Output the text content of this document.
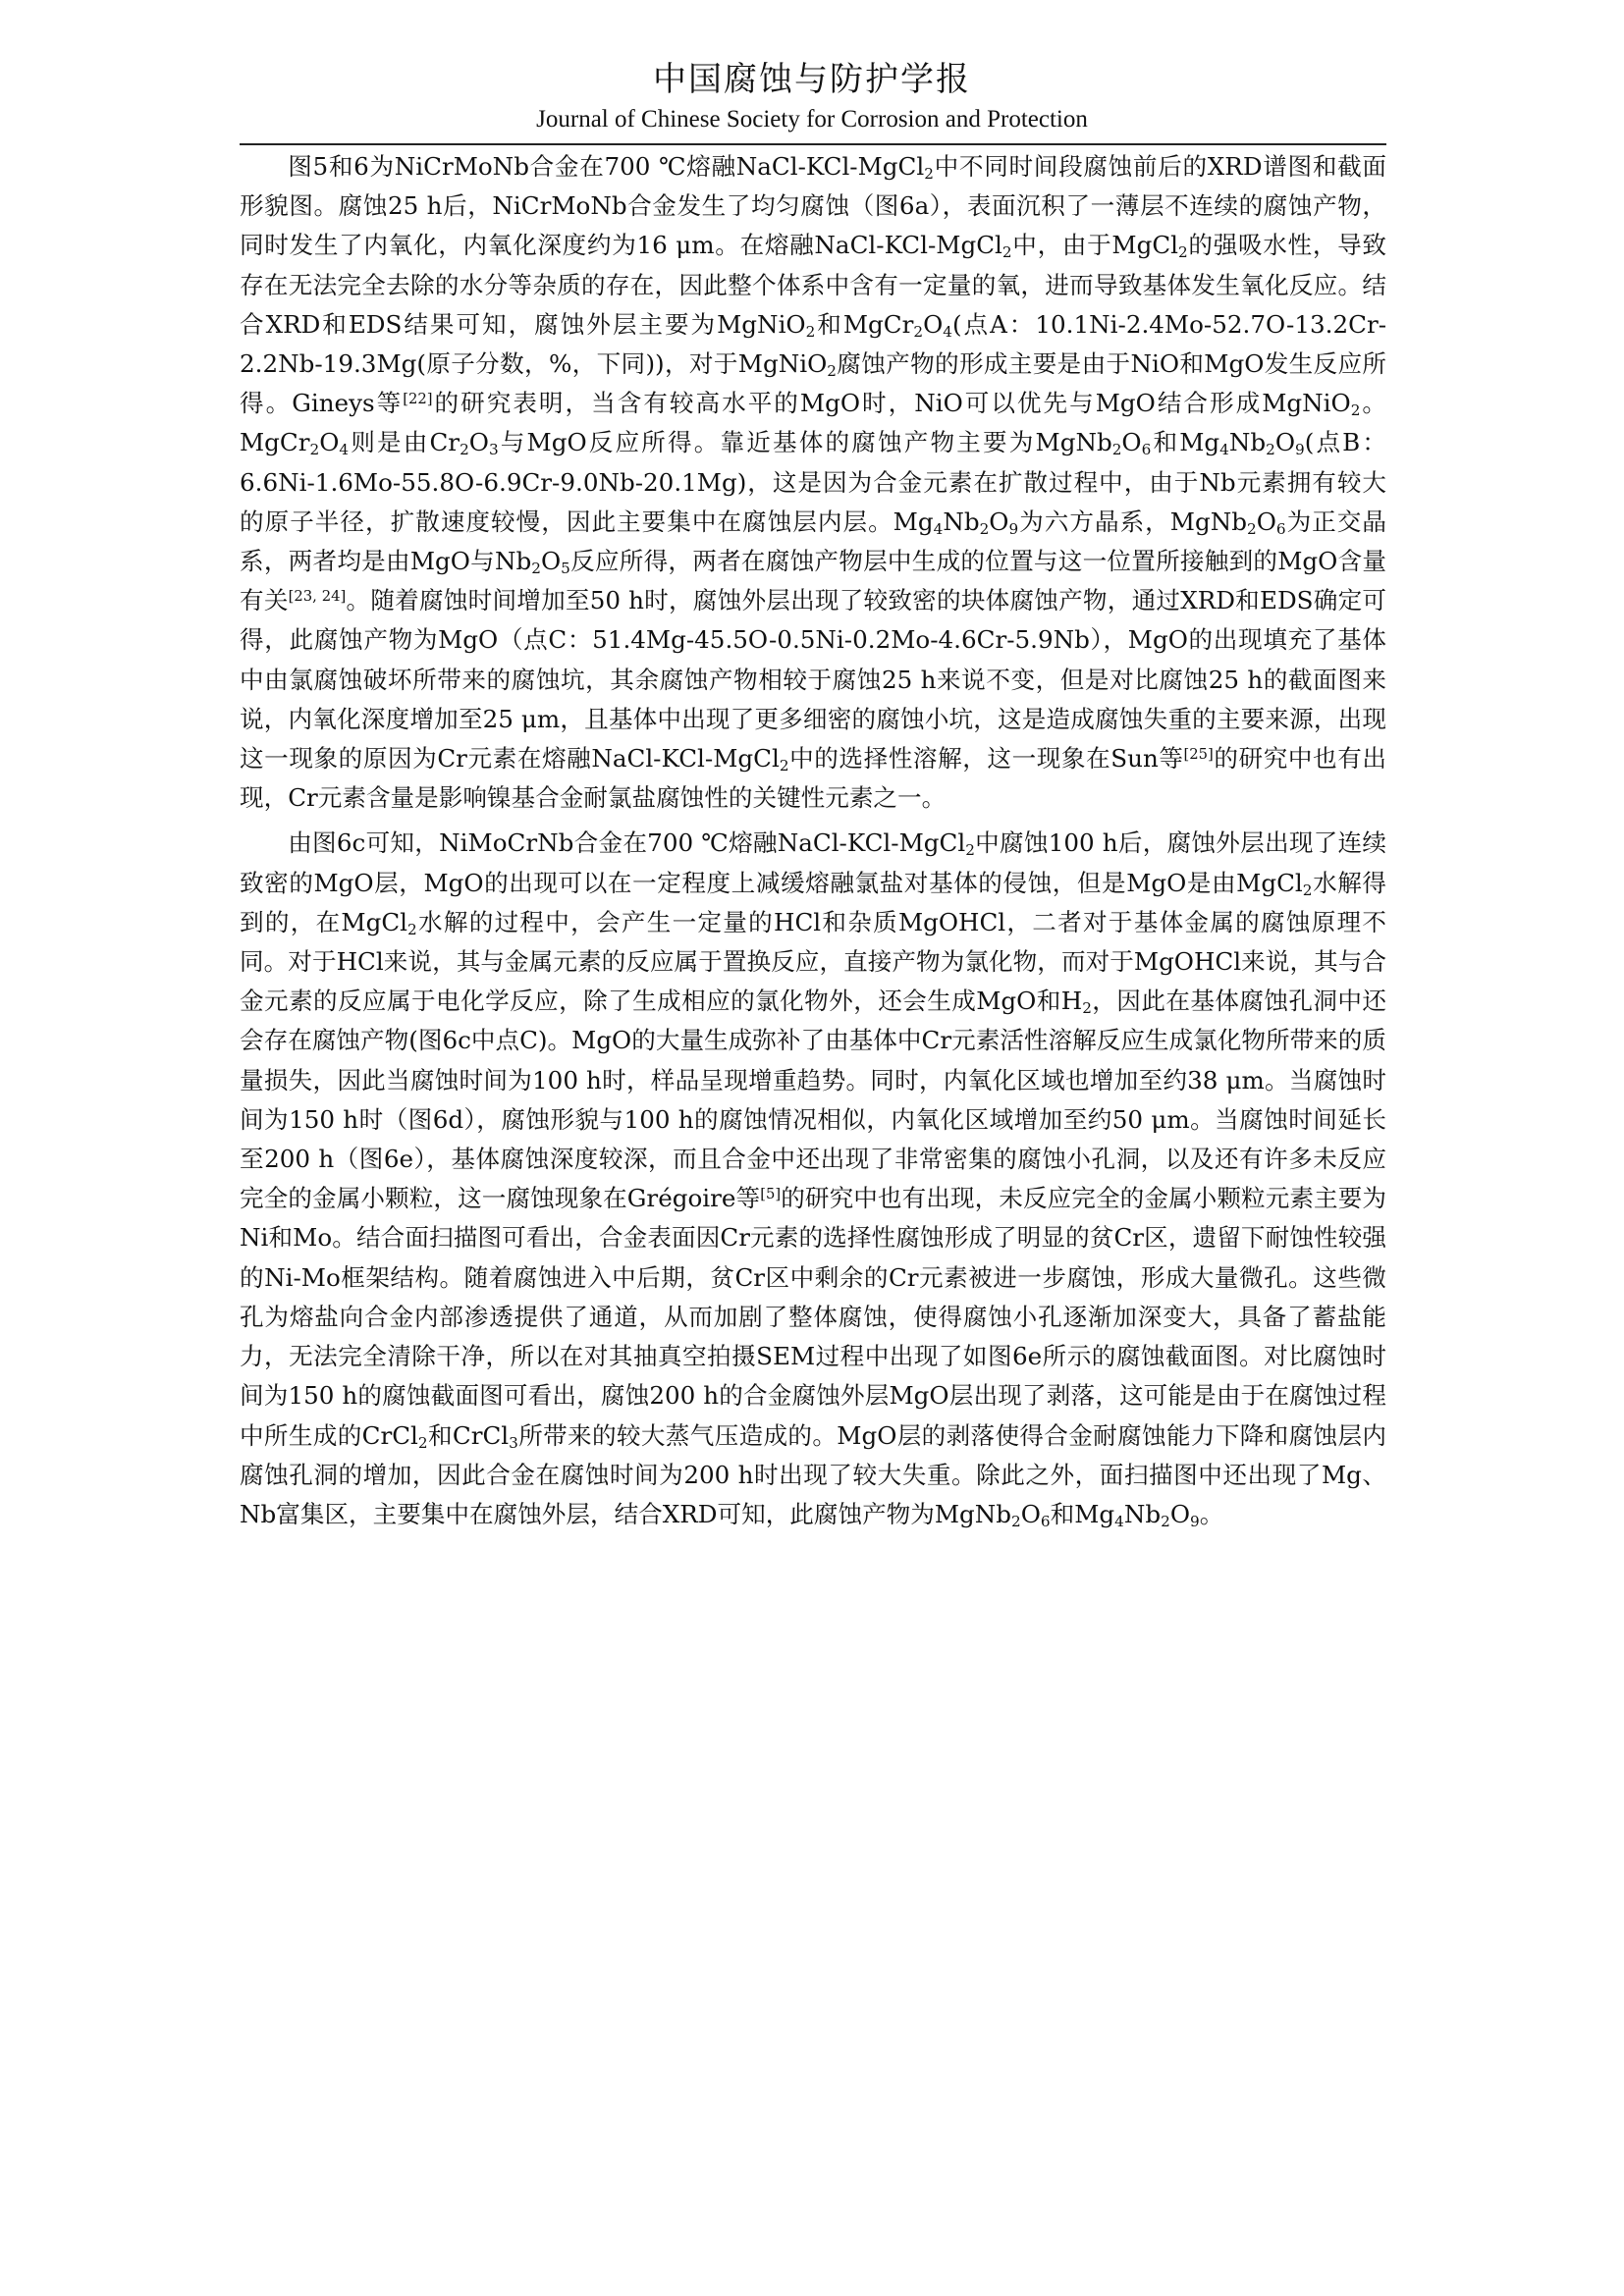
中国腐蚀与防护学报
Journal of Chinese Society for Corrosion and Protection

图5和6为NiCrMoNb合金在700 ℃熔融NaCl-KCl-MgCl$_2$中不同时间段腐蚀前后的XRD谱图和截面形貌图。腐蚀25 h后，NiCrMoNb合金发生了均匀腐蚀（图6a），表面沉积了一薄层不连续的腐蚀产物，同时发生了内氧化，内氧化深度约为16 μm。在熔融NaCl-KCl-MgCl$_2$中，由于MgCl$_2$的强吸水性，导致存在无法完全去除的水分等杂质的存在，因此整个体系中含有一定量的氧，进而导致基体发生氧化反应。结合XRD和EDS结果可知，腐蚀外层主要为MgNiO$_2$和$MgCr_2O_4$(点A：10.1Ni-2.4Mo-52.7O-13.2Cr-2.2Nb-19.3Mg(原子分数，%，下同))，对于MgNiO$_2$腐蚀产物的形成主要是由于NiO和MgO发生反应所得。Gineys等[22]的研究表明，当含有较高水平的MgO时，NiO可以优先与MgO结合形成MgNiO$_2$。$MgCr_2O_4$则是由$Cr_2O_3$与MgO反应所得。靠近基体的腐蚀产物主要为$MgNb_2O_6$和$Mg_4Nb_2O_9$(点B：6.6Ni-1.6Mo-55.8O-6.9Cr-9.0Nb-20.1Mg)，这是因为合金元素在扩散过程中，由于Nb元素拥有较大的原子半径，扩散速度较慢，因此主要集中在腐蚀层内层。$Mg_4Nb_2O_9$为六方晶系，$MgNb_2O_6$为正交晶系，两者均是由MgO与$Nb_2O_5$反应所得，两者在腐蚀产物层中生成的位置与这一位置所接触到的MgO含量有关[23, 24]。随着腐蚀时间增加至50 h时，腐蚀外层出现了较致密的块体腐蚀产物，通过XRD和EDS确定可得，此腐蚀产物为MgO（点C：51.4Mg-45.5O-0.5Ni-0.2Mo-4.6Cr-5.9Nb），MgO的出现填充了基体中由氯腐蚀破坏所带来的腐蚀坑，其余腐蚀产物相较于腐蚀25 h来说不变，但是对比腐蚀25 h的截面图来说，内氧化深度增加至25 μm，且基体中出现了更多细密的腐蚀小坑，这是造成腐蚀失重的主要来源，出现这一现象的原因为Cr元素在熔融NaCl-KCl-MgCl$_2$中的选择性溶解，这一现象在Sun等[25]的研究中也有出现，Cr元素含量是影响镍基合金耐氯盐腐蚀性的关键性元素之一。

由图6c可知，NiMoCrNb合金在700 ℃熔融NaCl-KCl-MgCl$_2$中腐蚀100 h后，腐蚀外层出现了连续致密的MgO层，MgO的出现可以在一定程度上减缓熔融氯盐对基体的侵蚀，但是MgO是由MgCl$_2$水解得到的，在MgCl$_2$水解的过程中，会产生一定量的HCl和杂质MgOHCl，二者对于基体金属的腐蚀原理不同。对于HCl来说，其与金属元素的反应属于置换反应，直接产物为氯化物，而对于MgOHCl来说，其与合金元素的反应属于电化学反应，除了生成相应的氯化物外，还会生成MgO和$H_2$，因此在基体腐蚀孔洞中还会存在腐蚀产物(图6c中点C)。MgO的大量生成弥补了由基体中Cr元素活性溶解反应生成氯化物所带来的质量损失，因此当腐蚀时间为100 h时，样品呈现增重趋势。同时，内氧化区域也增加至约38 μm。当腐蚀时间为150 h时（图6d），腐蚀形貌与100 h的腐蚀情况相似，内氧化区域增加至约50 μm。当腐蚀时间延长至200 h（图6e），基体腐蚀深度较深，而且合金中还出现了非常密集的腐蚀小孔洞，以及还有许多未反应完全的金属小颗粒，这一腐蚀现象在Grégoire等[5]的研究中也有出现，未反应完全的金属小颗粒元素主要为Ni和Mo。结合面扫描图可看出，合金表面因Cr元素的选择性腐蚀形成了明显的贫Cr区，遗留下耐蚀性较强的Ni-Mo框架结构。随着腐蚀进入中后期，贫Cr区中剩余的Cr元素被进一步腐蚀，形成大量微孔。这些微孔为熔盐向合金内部渗透提供了通道，从而加剧了整体腐蚀，使得腐蚀小孔逐渐加深变大，具备了蓄盐能力，无法完全清除干净，所以在对其抽真空拍摄SEM过程中出现了如图6e所示的腐蚀截面图。对比腐蚀时间为150 h的腐蚀截面图可看出，腐蚀200 h的合金腐蚀外层MgO层出现了剥落，这可能是由于在腐蚀过程中所生成的CrCl$_2$和CrCl$_3$所带来的较大蒸气压造成的。MgO层的剥落使得合金耐腐蚀能力下降和腐蚀层内腐蚀孔洞的增加，因此合金在腐蚀时间为200 h时出现了较大失重。除此之外，面扫描图中还出现了Mg、Nb富集区，主要集中在腐蚀外层，结合XRD可知，此腐蚀产物为$MgNb_2O_6$和$Mg_4Nb_2O_9$。
